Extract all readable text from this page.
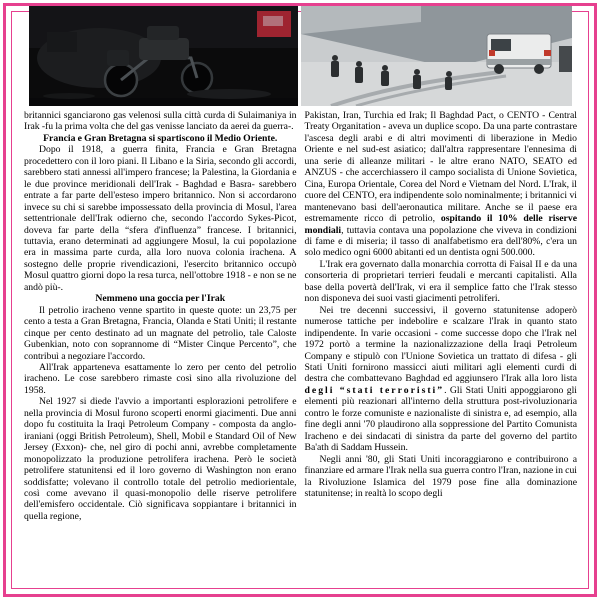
britannici sganciarono gas velenosi sulla città curda di Sulaimaniya in Irak -fu la prima volta che del gas venisse lanciato da aerei da guerra-.

Francia e Gran Bretagna si spartiscono il Medio Oriente.

Dopo il 1918, a guerra finita, Francia e Gran Bretagna procedettero con il loro piani. Il Libano e la Siria, secondo gli accordi, sarebbero stati annessi all'impero francese; la Palestina, la Giordania e le due province meridionali dell'Irak - Baghdad e Basra- sarebbero entrate a far parte dell'esteso impero britannico. Non si accordarono invece su chi si sarebbe impossessato della provincia di Mosul, l'area settentrionale dell'Irak odierno che, secondo l'accordo Sykes-Picot, doveva far parte della “sfera d'influenza” francese. I britannici, tuttavia, erano determinati ad aggiungere Mosul, la cui popolazione era in massima parte curda, alla loro nuova colonia irachena. A sostegno delle proprie rivendicazioni, l'esercito britannico occupò Mosul quattro giorni dopo la resa turca, nell'ottobre 1918 - e non se ne andò più-.

Nemmeno una goccia per l'Irak

Il petrolio iracheno venne spartito in queste quote: un 23,75 per cento a testa a Gran Bretagna, Francia, Olanda e Stati Uniti; il restante cinque per cento destinato ad un magnate del petrolio, tale Caloste Gubenkian, noto con soprannome di “Mister Cinque Percento”, che contribuì a negoziare l'accordo.

All'Irak apparteneva esattamente lo zero per cento del petrolio iracheno. Le cose sarebbero rimaste così sino alla rivoluzione del 1958.

Nel 1927 si diede l'avvio a importanti esplorazioni petrolifere e nella provincia di Mosul furono scoperti enormi giacimenti. Due anni dopo fu costituita la Iraqi Petroleum Company - composta da anglo-iraniani (oggi British Petroleum), Shell, Mobil e Standard Oil of New Jersey (Exxon)- che, nel giro di pochi anni, avrebbe completamente monopolizzato la produzione petrolifera irachena. Però le società petrolifere statunitensi ed il loro governo di Washington non erano soddisfatte; volevano il controllo totale del petrolio mediorientale, così come avevano il quasi-monopolio delle riserve petrolifere dell'emisfero occidentale. Ciò significava soppiantare i britannici in quella regione,

Pakistan, Iran, Turchia ed Irak; Il Baghdad Pact, o CENTO - Central Treaty Organitation - aveva un duplice scopo. Da una parte contrastare l'ascesa degli arabi e di altri movimenti di liberazione in Medio Oriente e nel sud-est asiatico; dall'altra rappresentare l'ennesima di una serie di alleanze militari - le altre erano NATO, SEATO ed ANZUS - che accerchiassero il campo socialista di Unione Sovietica, Cina, Europa Orientale, Corea del Nord e Vietnam del Nord. L'Irak, il cuore del CENTO, era indipendente solo nominalmente; i britannici vi mantenevano basi dell'aeronautica militare. Anche se il paese era estremamente ricco di petrolio, ospitando il 10% delle riserve mondiali, tuttavia contava una popolazione che viveva in condizioni di fame e di miseria; il tasso di analfabetismo era dell'80%, c'era un solo medico ogni 6000 abitanti ed un dentista ogni 500.000.

L'Irak era governato dalla monarchia corrotta di Faisal II e da una consorteria di proprietari terrieri feudali e mercanti capitalisti. Alla base della povertà dell'Irak, vi era il semplice fatto che l'Irak stesso non disponeva dei suoi vasti giacimenti petroliferi.

Nei tre decenni successivi, il governo statunitense adoperò numerose tattiche per indebolire e scalzare l'Irak in quanto stato indipendente. In varie occasioni - come successe dopo che l'Irak nel 1972 portò a termine la nazionalizzazione della Iraqi Petroleum Company e stipulò con l'Unione Sovietica un trattato di difesa - gli Stati Uniti fornirono massicci aiuti militari agli elementi curdi di destra che combattevano Baghdad ed aggiunsero l'Irak alla loro lista degli “stati terroristi”. Gli Stati Uniti appoggiarono gli elementi più reazionari all'interno della struttura post-rivoluzionaria contro le forze comuniste e nazionaliste di sinistra e, ad esempio, alla fine degli anni '70 plaudirono alla soppressione del Partito Comunista Iracheno e dei sindacati di sinistra da parte del governo del partito Ba'ath di Saddam Hussein.

Negli anni '80, gli Stati Uniti incoraggiarono e contribuirono a finanziare ed armare l'Irak nella sua guerra contro l'Iran, nazione in cui la Rivoluzione Islamica del 1979 pose fine alla dominazione statunitense; in realtà lo scopo degli
